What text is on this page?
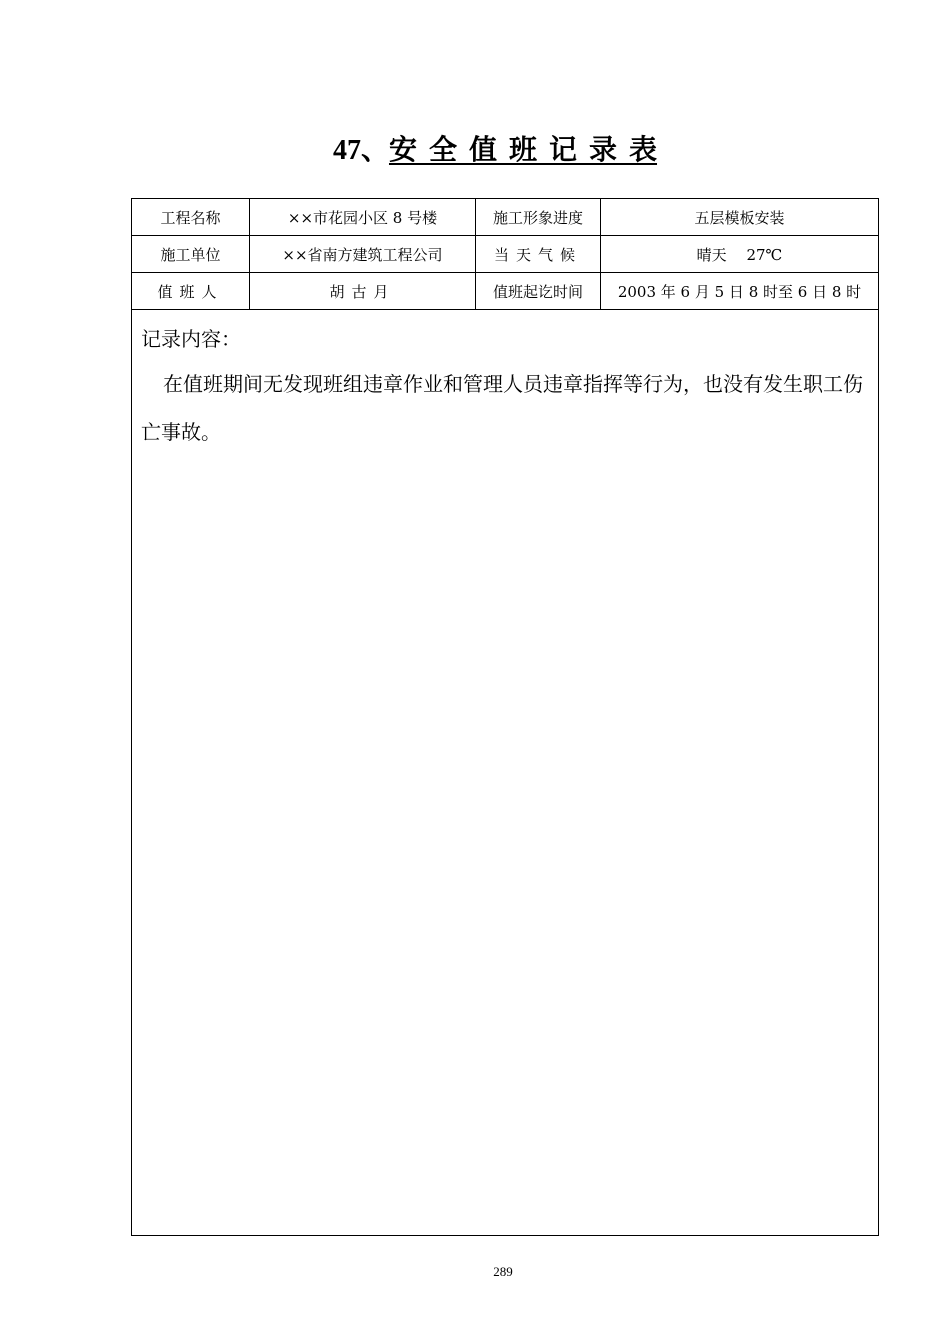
47、安全值班记录表
工程名称	××市花园小区 8 号楼	施工形象进度	五层模板安装
施工单位	××省南方建筑工程公司	当天气候	晴天　 27℃
值班人	胡古月	值班起讫时间	2003 年 6 月 5 日 8 时至 6 日 8 时

记录内容：
在值班期间无发现班组违章作业和管理人员违章指挥等行为，也没有发生职工伤亡事故。			
289
